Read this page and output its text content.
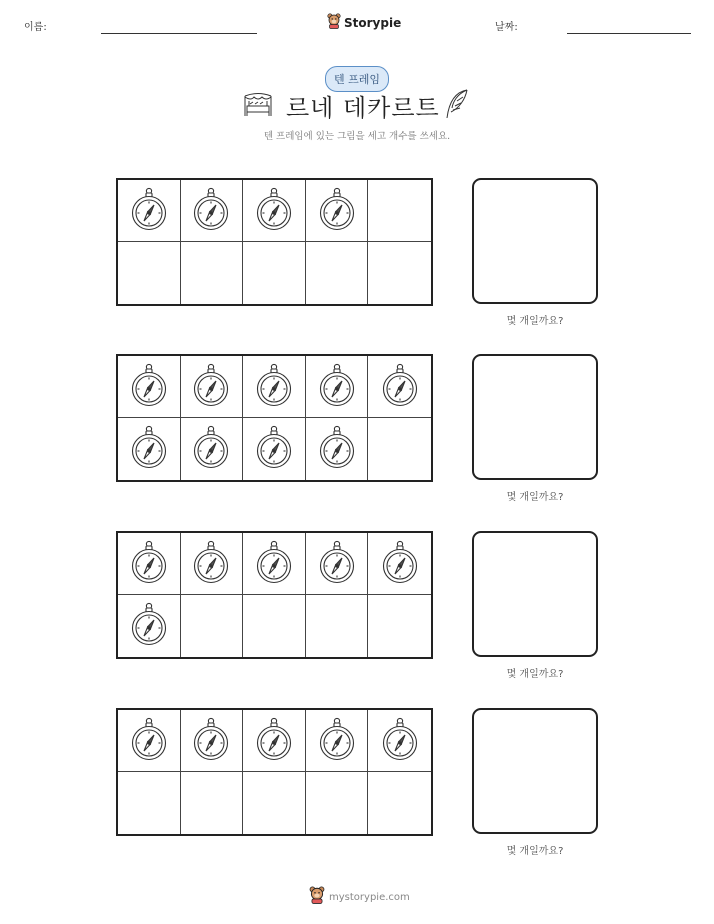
이름:	Storypie	날짜:
텐 프레임
르네 데카르트
텐 프레임에 있는 그림을 세고 개수를 쓰세요.
몇 개일까요?
몇 개일까요?
몇 개일까요?
몇 개일까요?
mystorypie.com
